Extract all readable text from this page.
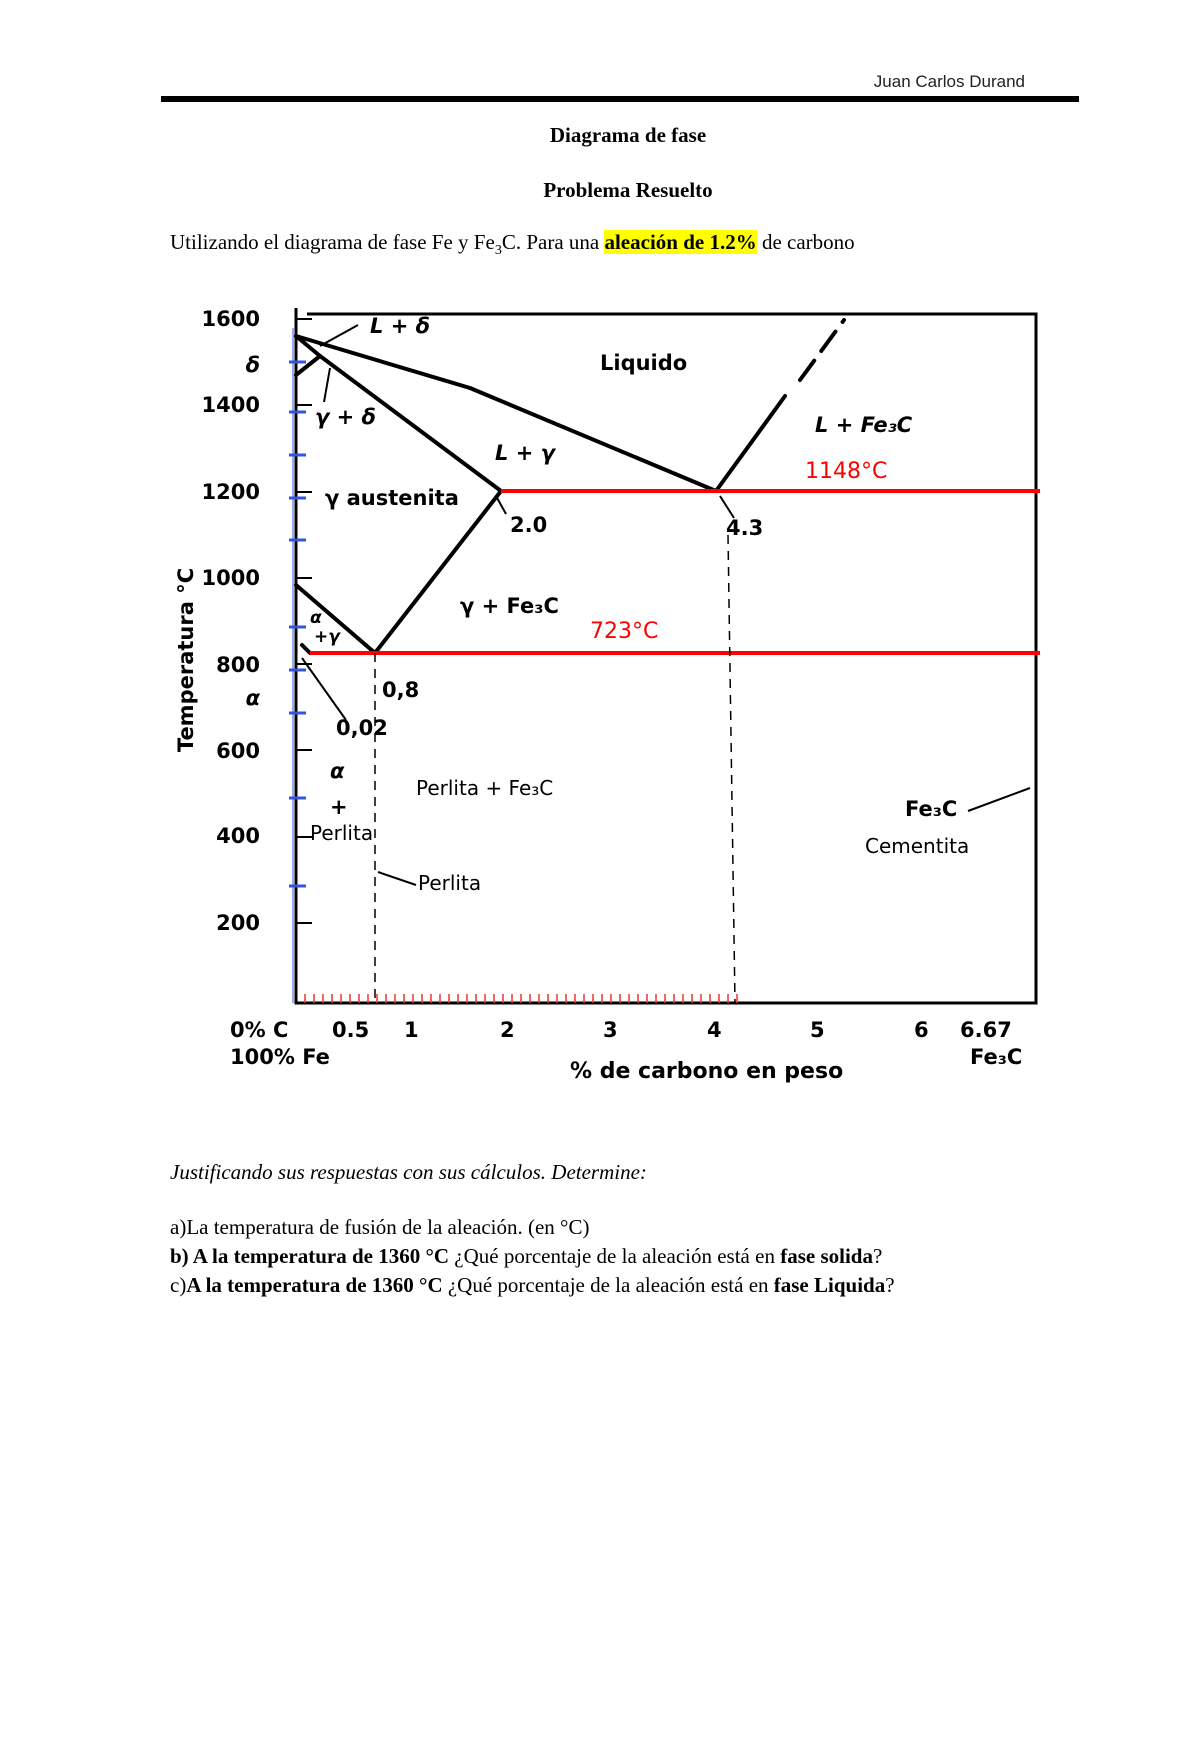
Juan Carlos Durand
Diagrama de fase
Problema Resuelto
Utilizando el diagrama de fase Fe y $Fe_3C$. Para una aleación de 1.2% de carbono
1600
1400
1200
1000
800
600
400
200
δ
α
Temperatura °C
1148°C
723°C
L + δ
Liquido
γ + δ
L + γ
L + Fe₃C
γ austenita
γ + Fe₃C
α
+γ
α
+
Perlita
Perlita + Fe₃C
Fe₃C
Cementita
Perlita
2.0	4.3
0,8
0,02
0% C 0.5 1	2	3	4	5	6 6.67
100% Fe	Fe₃C
% de carbono en peso
Justificando sus respuestas con sus cálculos. Determine:
a)La temperatura de fusión de la aleación. (en °C)
b) A la temperatura de 1360 °C ¿Qué porcentaje de la aleación está en fase solida?
c)A la temperatura de 1360 °C ¿Qué porcentaje de la aleación está en fase Liquida?
